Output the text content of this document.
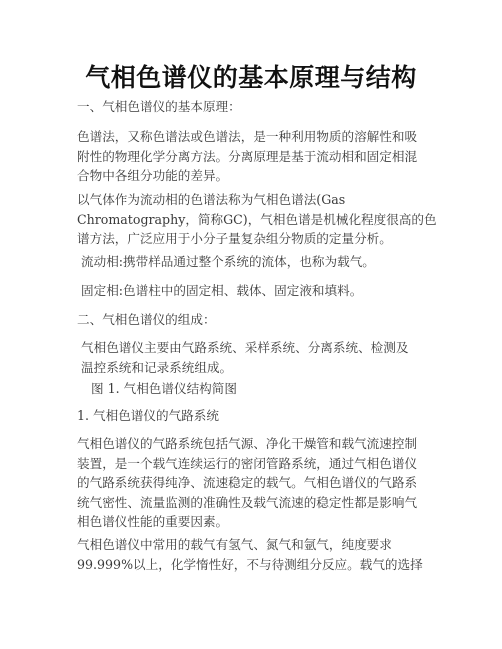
气相色谱仪的基本原理与结构

一、气相色谱仪的基本原理：

色谱法，又称色谱法或色谱法，是一种利用物质的溶解性和吸
附性的物理化学分离方法。分离原理是基于流动相和固定相混
合物中各组分功能的差异。

以气体作为流动相的色谱法称为气相色谱法(Gas
Chromatography，简称GC)，气相色谱是机械化程度很高的色
谱方法，广泛应用于小分子量复杂组分物质的定量分析。

流动相:携带样品通过整个系统的流体，也称为载气。

固定相:色谱柱中的固定相、载体、固定液和填料。

二、气相色谱仪的组成：

气相色谱仪主要由气路系统、采样系统、分离系统、检测及
温控系统和记录系统组成。

图 1. 气相色谱仪结构简图

1. 气相色谱仪的气路系统

气相色谱仪的气路系统包括气源、净化干燥管和载气流速控制
装置，是一个载气连续运行的密闭管路系统，通过气相色谱仪
的气路系统获得纯净、流速稳定的载气。气相色谱仪的气路系
统气密性、流量监测的准确性及载气流速的稳定性都是影响气
相色谱仪性能的重要因素。

气相色谱仪中常用的载气有氢气、氮气和氩气，纯度要求
99.999%以上，化学惰性好，不与待测组分反应。载气的选择
